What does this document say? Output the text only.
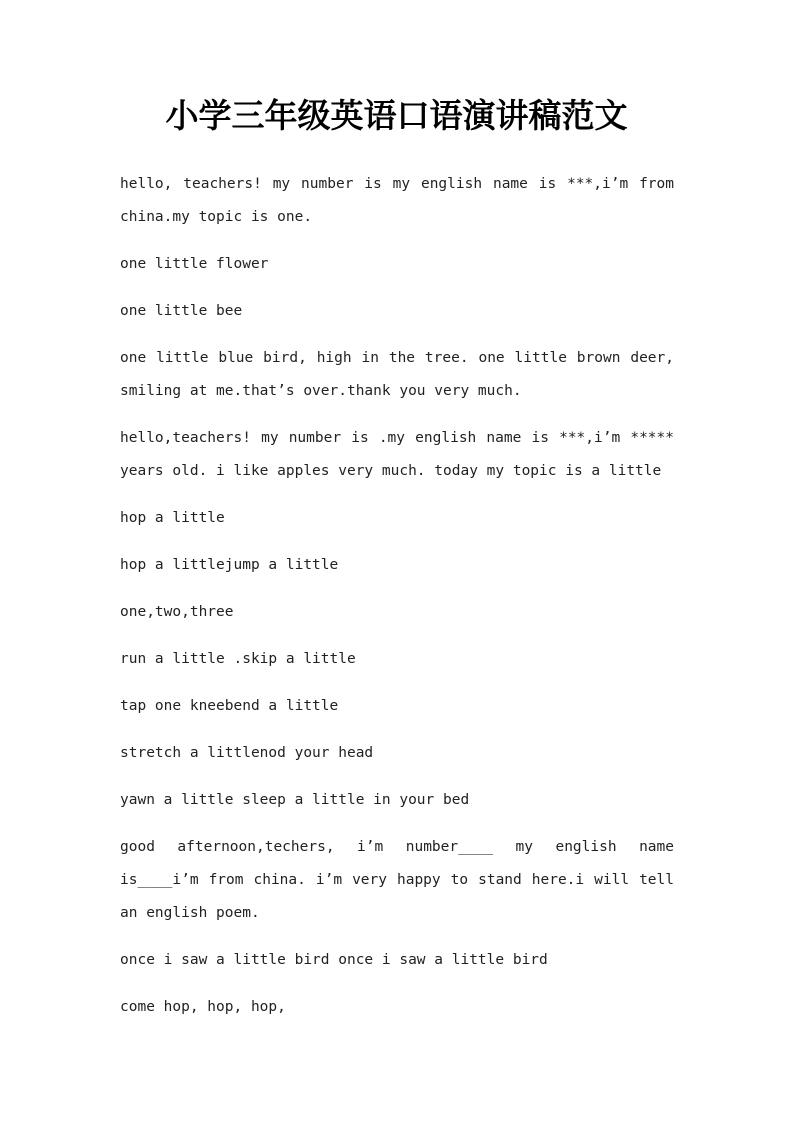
小学三年级英语口语演讲稿范文

hello, teachers! my number is my english name is ***,i’m from china.my topic is one.

one little flower

one little bee

one little blue bird, high in the tree. one little brown deer, smiling at me.that’s over.thank you very much.

hello,teachers! my number is .my english name is ***,i’m ***** years old. i like apples very much. today my topic is a little

hop a little

hop a littlejump a little

one,two,three

run a little .skip a little

tap one kneebend a little

stretch a littlenod your head

yawn a little sleep a little in your bed

good afternoon,techers, i’m number____ my english name is____i’m from china. i’m very happy to stand here.i will tell an english poem.

once i saw a little bird once i saw a little bird

come hop, hop, hop,
